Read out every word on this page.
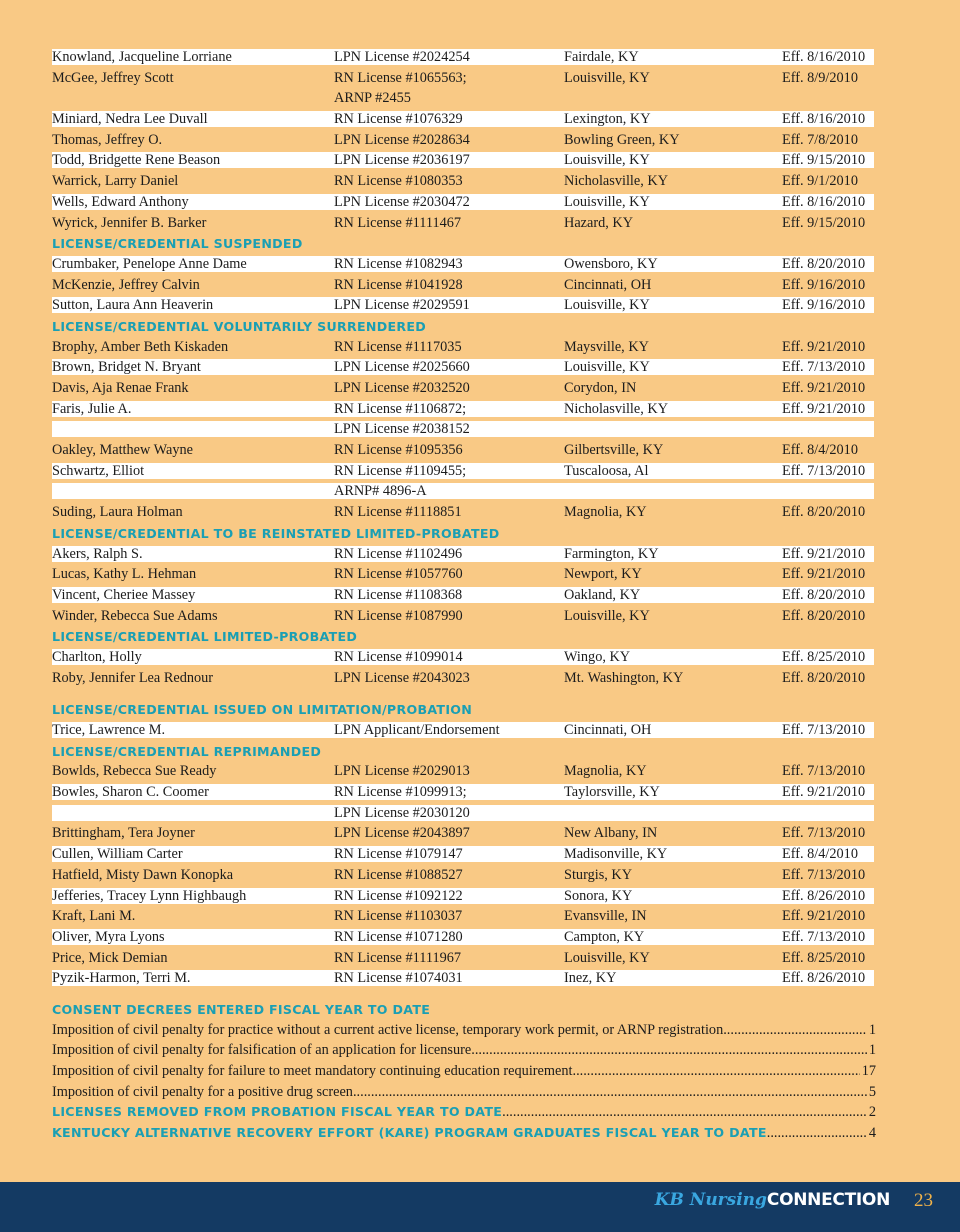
Knowland, Jacqueline Lorriane	LPN License #2024254	Fairdale, KY	Eff. 8/16/2010
McGee, Jeffrey Scott	RN License #1065563;	Louisville, KY	Eff. 8/9/2010
ARNP #2455
Miniard, Nedra Lee Duvall	RN License #1076329	Lexington, KY	Eff. 8/16/2010
Thomas, Jeffrey O.	LPN License #2028634	Bowling Green, KY	Eff. 7/8/2010
Todd, Bridgette Rene Beason	LPN License #2036197	Louisville, KY	Eff. 9/15/2010
Warrick, Larry Daniel	RN License #1080353	Nicholasville, KY	Eff. 9/1/2010
Wells, Edward Anthony	LPN License #2030472	Louisville, KY	Eff. 8/16/2010
Wyrick, Jennifer B. Barker	RN License #1111467	Hazard, KY	Eff. 9/15/2010
LICENSE/CREDENTIAL SUSPENDED
Crumbaker, Penelope Anne Dame	RN License #1082943	Owensboro, KY	Eff. 8/20/2010
McKenzie, Jeffrey Calvin	RN License #1041928	Cincinnati, OH	Eff. 9/16/2010
Sutton, Laura Ann Heaverin	LPN License #2029591	Louisville, KY	Eff. 9/16/2010
LICENSE/CREDENTIAL VOLUNTARILY SURRENDERED
Brophy, Amber Beth Kiskaden	RN License #1117035	Maysville, KY	Eff. 9/21/2010
Brown, Bridget N. Bryant	LPN License #2025660	Louisville, KY	Eff. 7/13/2010
Davis, Aja Renae Frank	LPN License #2032520	Corydon, IN	Eff. 9/21/2010
Faris, Julie A.	RN License #1106872;	Nicholasville, KY	Eff. 9/21/2010
LPN License #2038152
Oakley, Matthew Wayne	RN License #1095356	Gilbertsville, KY	Eff. 8/4/2010
Schwartz, Elliot	RN License #1109455;	Tuscaloosa, Al	Eff. 7/13/2010
ARNP# 4896-A
Suding, Laura Holman	RN License #1118851	Magnolia, KY	Eff. 8/20/2010
LICENSE/CREDENTIAL TO BE REINSTATED LIMITED-PROBATED
Akers, Ralph S.	RN License #1102496	Farmington, KY	Eff. 9/21/2010
Lucas, Kathy L. Hehman	RN License #1057760	Newport, KY	Eff. 9/21/2010
Vincent, Cheriee Massey	RN License #1108368	Oakland, KY	Eff. 8/20/2010
Winder, Rebecca Sue Adams	RN License #1087990	Louisville, KY	Eff. 8/20/2010
LICENSE/CREDENTIAL LIMITED-PROBATED
Charlton, Holly	RN License #1099014	Wingo, KY	Eff. 8/25/2010
Roby, Jennifer Lea Rednour	LPN License #2043023	Mt. Washington, KY	Eff. 8/20/2010
LICENSE/CREDENTIAL ISSUED ON LIMITATION/PROBATION
Trice, Lawrence M.	LPN Applicant/Endorsement	Cincinnati, OH	Eff. 7/13/2010
LICENSE/CREDENTIAL REPRIMANDED
Bowlds, Rebecca Sue Ready	LPN License #2029013	Magnolia, KY	Eff. 7/13/2010
Bowles, Sharon C. Coomer	RN License #1099913;	Taylorsville, KY	Eff. 9/21/2010
LPN License #2030120
Brittingham, Tera Joyner	LPN License #2043897	New Albany, IN	Eff. 7/13/2010
Cullen, William Carter	RN License #1079147	Madisonville, KY	Eff. 8/4/2010
Hatfield, Misty Dawn Konopka	RN License #1088527	Sturgis, KY	Eff. 7/13/2010
Jefferies, Tracey Lynn Highbaugh	RN License #1092122	Sonora, KY	Eff. 8/26/2010
Kraft, Lani M.	RN License #1103037	Evansville, IN	Eff. 9/21/2010
Oliver, Myra Lyons	RN License #1071280	Campton, KY	Eff. 7/13/2010
Price, Mick Demian	RN License #1111967	Louisville, KY	Eff. 8/25/2010
Pyzik-Harmon, Terri M.	RN License #1074031	Inez, KY	Eff. 8/26/2010
CONSENT DECREES ENTERED FISCAL YEAR TO DATE
Imposition of civil penalty for practice without a current active license, temporary work permit, or ARNP registration .....	1
Imposition of civil penalty for falsification of an application for licensure .....	1
Imposition of civil penalty for failure to meet mandatory continuing education requirement .....	17
Imposition of civil penalty for a positive drug screen .....	5
LICENSES REMOVED FROM PROBATION FISCAL YEAR TO DATE .....	2
KENTUCKY ALTERNATIVE RECOVERY EFFORT (KARE) PROGRAM GRADUATES FISCAL YEAR TO DATE .....	4
KB NursingCONNECTION 23
